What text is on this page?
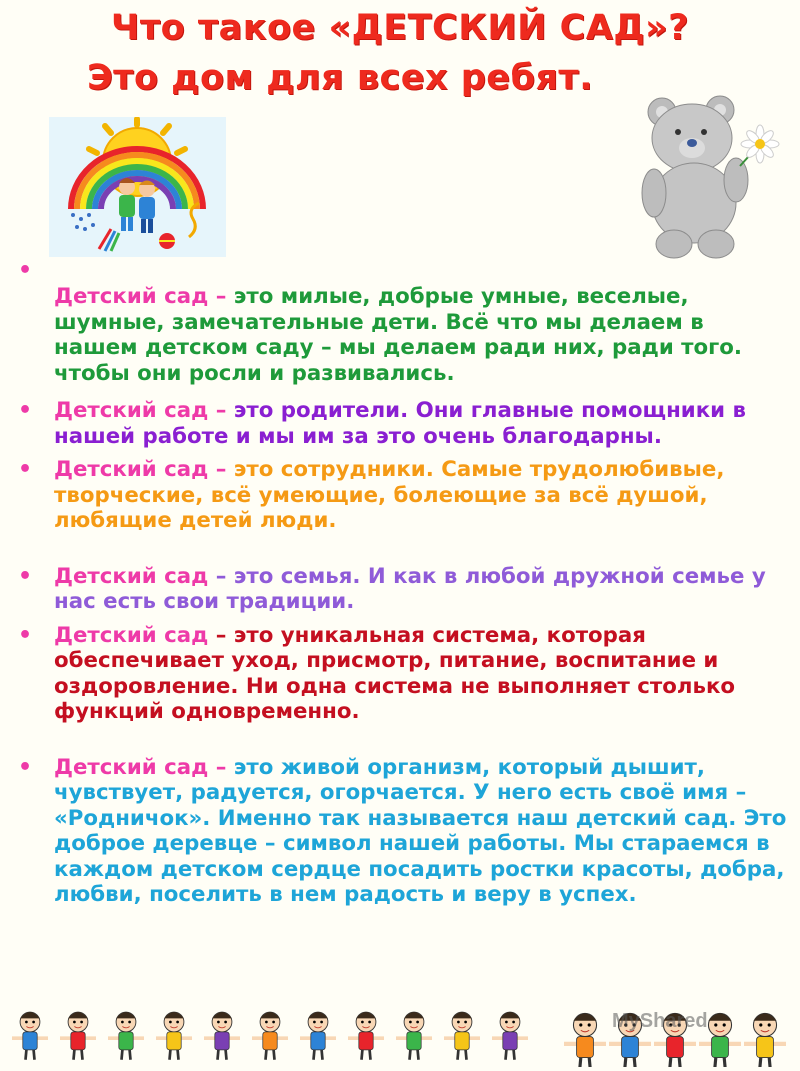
Что такое «ДЕТСКИЙ САД»?
Это дом для всех ребят.
•
Детский сад – это милые, добрые умные, веселые, шумные, замечательные дети. Всё что мы делаем в нашем детском саду – мы делаем ради них, ради того. чтобы они росли и развивались.
• Детский сад – это родители. Они главные помощники в нашей работе и мы им за это очень благодарны.
• Детский сад – это сотрудники. Самые трудолюбивые, творческие, всё умеющие, болеющие за всё душой, любящие детей люди.
• Детский сад – это семья. И как в любой дружной семье у нас есть свои традиции.
• Детский сад – это уникальная система, которая обеспечивает уход, присмотр, питание, воспитание и оздоровление. Ни одна система не выполняет столько функций одновременно.
• Детский сад – это живой организм, который дышит, чувствует, радуется, огорчается. У него есть своё имя – «Родничок». Именно так называется наш детский сад. Это доброе деревце – символ нашей работы. Мы стараемся в каждом детском сердце посадить ростки красоты, добра, любви, поселить в нем радость и веру в успех.
MyShared
